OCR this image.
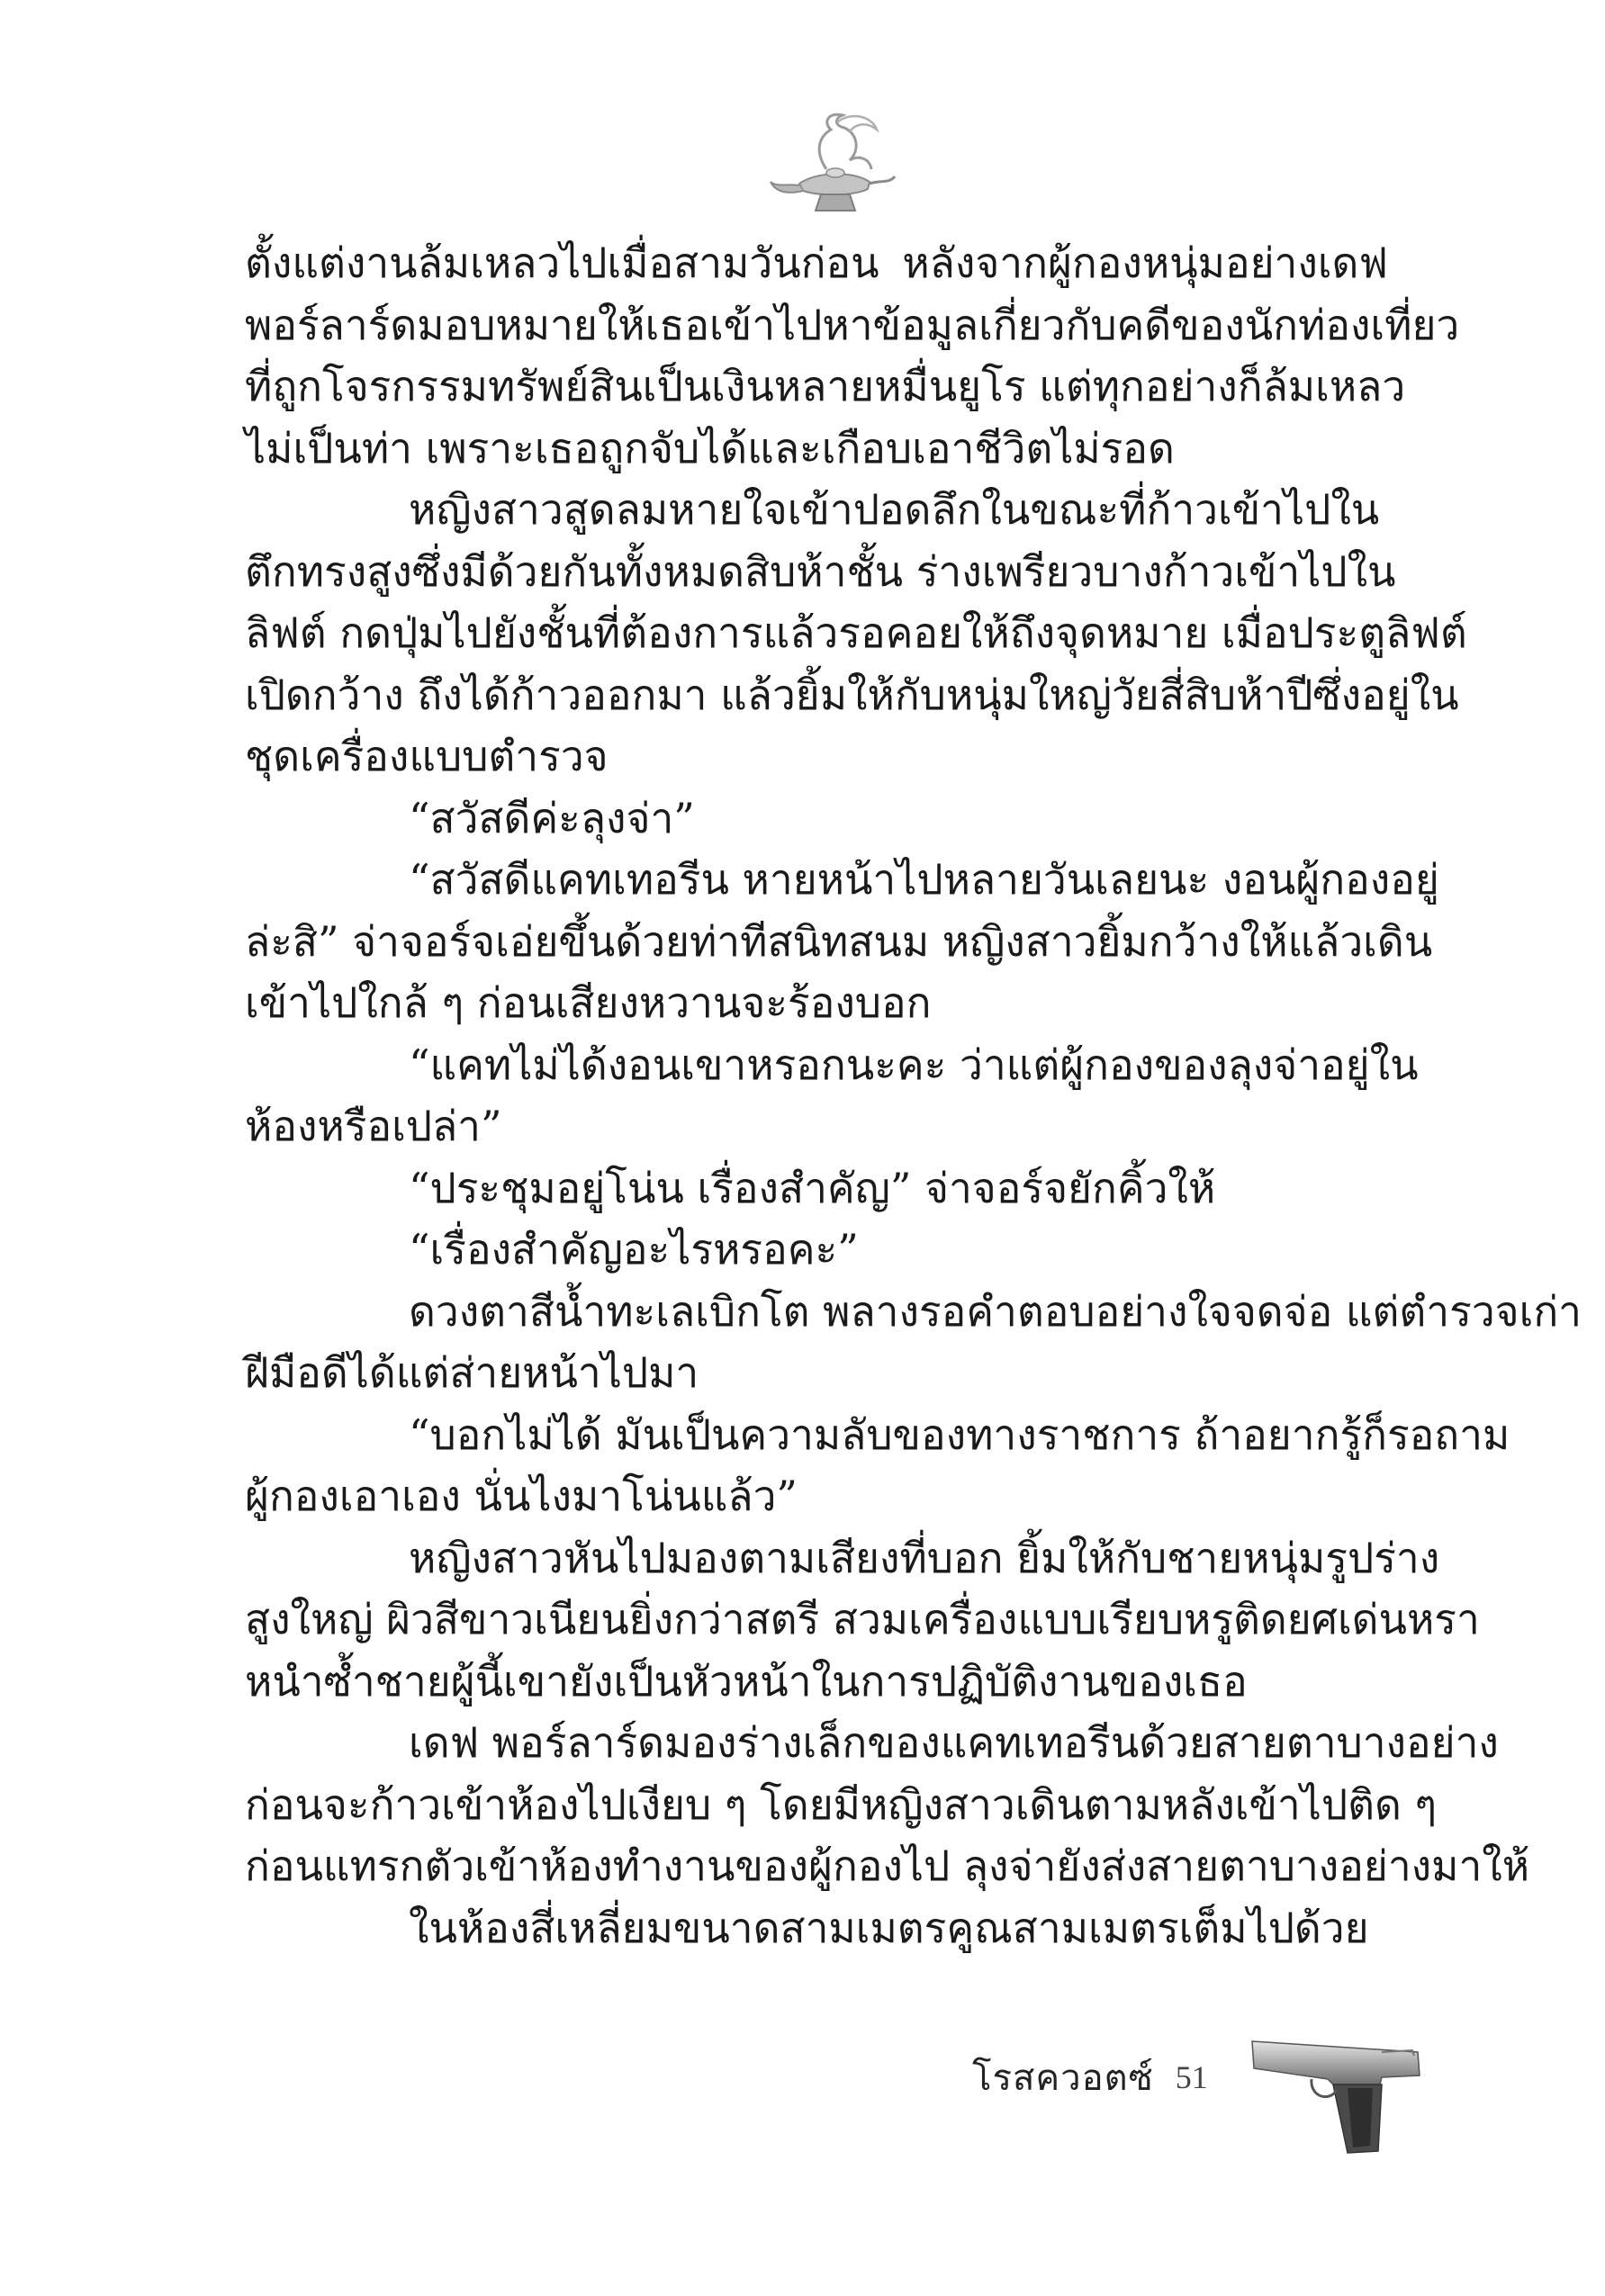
ตั้งแต่งานล้มเหลวไปเมื่อสามวันก่อน หลังจากผู้กองหนุ่มอย่างเดฟ
พอร์ลาร์ดมอบหมายให้เธอเข้าไปหาข้อมูลเกี่ยวกับคดีของนักท่องเที่ยว
ที่ถูกโจรกรรมทรัพย์สินเป็นเงินหลายหมื่นยูโร แต่ทุกอย่างก็ล้มเหลว
ไม่เป็นท่า เพราะเธอถูกจับได้และเกือบเอาชีวิตไม่รอด
หญิงสาวสูดลมหายใจเข้าปอดลึกในขณะที่ก้าวเข้าไปใน
ตึกทรงสูงซึ่งมีด้วยกันทั้งหมดสิบห้าชั้น ร่างเพรียวบางก้าวเข้าไปใน
ลิฟต์ กดปุ่มไปยังชั้นที่ต้องการแล้วรอคอยให้ถึงจุดหมาย เมื่อประตูลิฟต์
เปิดกว้าง ถึงได้ก้าวออกมา แล้วยิ้มให้กับหนุ่มใหญ่วัยสี่สิบห้าปีซึ่งอยู่ใน
ชุดเครื่องแบบตำรวจ
“สวัสดีค่ะลุงจ่า”
“สวัสดีแคทเทอรีน หายหน้าไปหลายวันเลยนะ งอนผู้กองอยู่
ล่ะสิ” จ่าจอร์จเอ่ยขึ้นด้วยท่าทีสนิทสนม หญิงสาวยิ้มกว้างให้แล้วเดิน
เข้าไปใกล้ ๆ ก่อนเสียงหวานจะร้องบอก
“แคทไม่ได้งอนเขาหรอกนะคะ ว่าแต่ผู้กองของลุงจ่าอยู่ใน
ห้องหรือเปล่า”
“ประชุมอยู่โน่น เรื่องสำคัญ” จ่าจอร์จยักคิ้วให้
“เรื่องสำคัญอะไรหรอคะ”
ดวงตาสีน้ำทะเลเบิกโต พลางรอคำตอบอย่างใจจดจ่อ แต่ตำรวจเก่า
ฝีมือดีได้แต่ส่ายหน้าไปมา
“บอกไม่ได้ มันเป็นความลับของทางราชการ ถ้าอยากรู้ก็รอถาม
ผู้กองเอาเอง นั่นไงมาโน่นแล้ว”
หญิงสาวหันไปมองตามเสียงที่บอก ยิ้มให้กับชายหนุ่มรูปร่าง
สูงใหญ่ ผิวสีขาวเนียนยิ่งกว่าสตรี สวมเครื่องแบบเรียบหรูติดยศเด่นหรา
หนำซ้ำชายผู้นี้เขายังเป็นหัวหน้าในการปฏิบัติงานของเธอ
เดฟ พอร์ลาร์ดมองร่างเล็กของแคทเทอรีนด้วยสายตาบางอย่าง
ก่อนจะก้าวเข้าห้องไปเงียบ ๆ โดยมีหญิงสาวเดินตามหลังเข้าไปติด ๆ
ก่อนแทรกตัวเข้าห้องทำงานของผู้กองไป ลุงจ่ายังส่งสายตาบางอย่างมาให้
ในห้องสี่เหลี่ยมขนาดสามเมตรคูณสามเมตรเต็มไปด้วย
โรสควอตซ์ 51
